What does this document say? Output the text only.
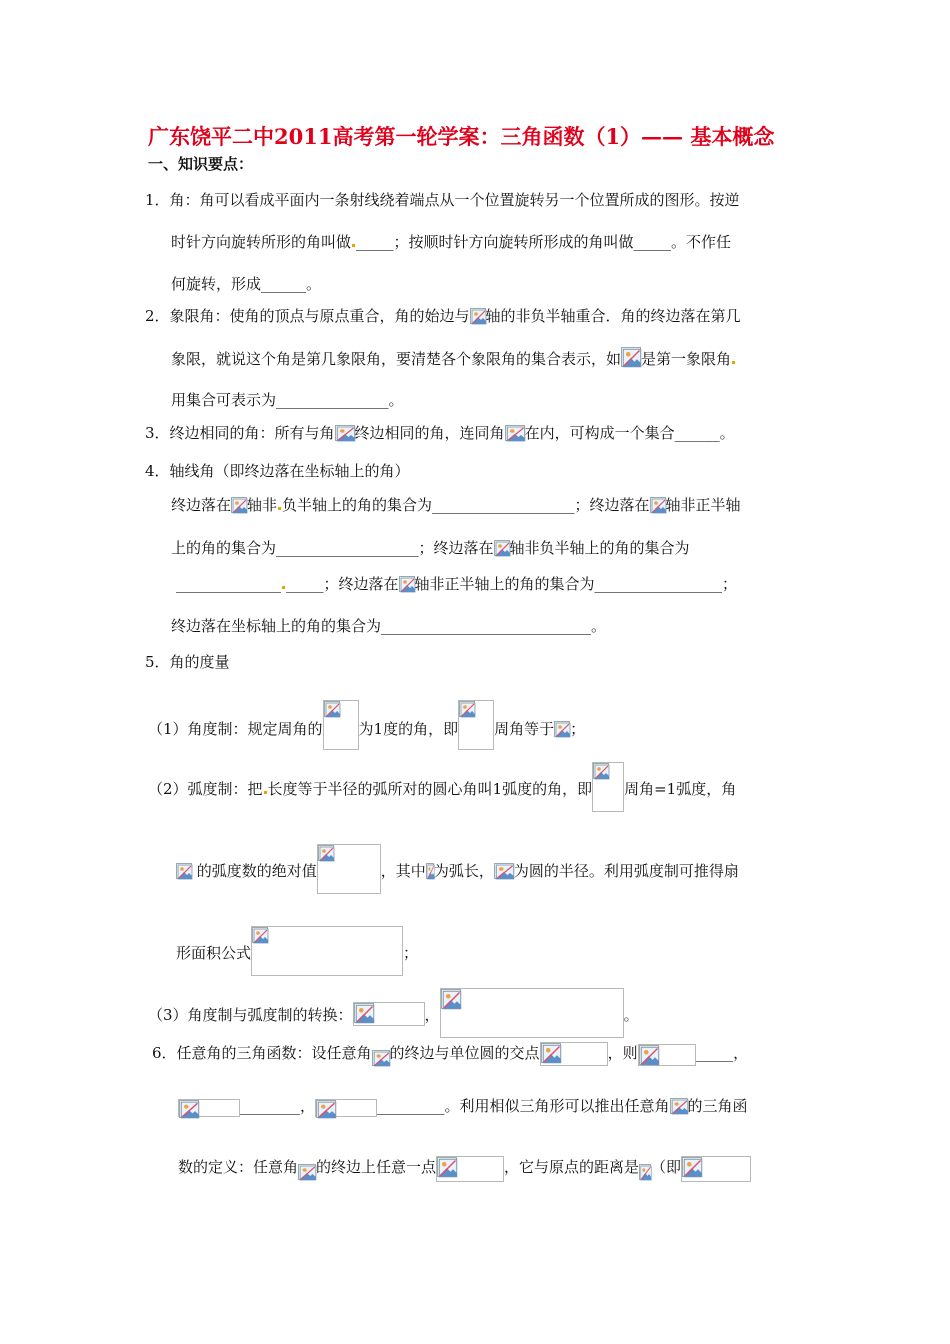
广东饶平二中2011高考第一轮学案：三角函数（1）—— 基本概念
一、知识要点：
1．角：角可以看成平面内一条射线绕着端点从一个位置旋转另一个位置所成的图形。按逆
时针方向旋转所形的角叫做 _____；按顺时针方向旋转所形成的角叫做_____。不作任
何旋转，形成______。
2．象限角：使角的顶点与原点重合，角的始边与 轴的非负半轴重合．角的终边落在第几
象限，就说这个角是第几象限角，要清楚各个象限角的集合表示，如 是第一象限角
用集合可表示为_______________。
3．终边相同的角：所有与角 终边相同的角，连同角 在内，可构成一个集合______。
4．轴线角（即终边落在坐标轴上的角）
终边落在 轴非 负半轴上的角的集合为___________________；终边落在 轴非正半轴
上的角的集合为___________________；终边落在 轴非负半轴上的角的集合为
______________ _____；终边落在 轴非正半轴上的角的集合为_________________；
终边落在坐标轴上的角的集合为____________________________。
5．角的度量
（1）角度制：规定周角的 为1度的角，即 周角等于 ；
（2）弧度制：把 长度等于半径的弧所对的圆心角叫1弧度的角，即 周角=1弧度，角
的弧度数的绝对值	，其中 为弧长， 为圆的半径。利用弧度制可推得扇
形面积公式	；
（3）角度制与弧度制的转换：	，	。
6．任意角的三角函数：设任意角 的终边与单位圆的交点	，则	_____，
________，	_________。利用相似三角形可以推出任意角 的三角函
数的定义：任意角 的终边上任意一点	，它与原点的距离是 （即
